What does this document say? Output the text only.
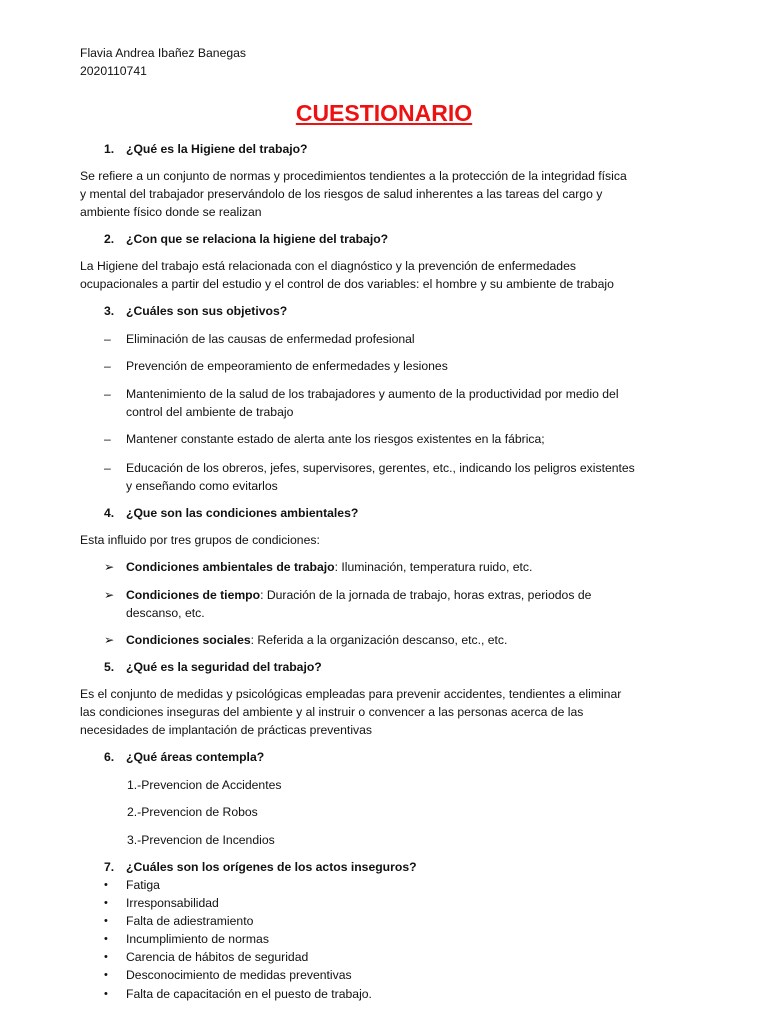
Flavia Andrea Ibañez Banegas
2020110741
CUESTIONARIO
1. ¿Qué es la Higiene del trabajo?
Se refiere a un conjunto de normas y procedimientos tendientes a la protección de la integridad física
y mental del trabajador preservándolo de los riesgos de salud inherentes a las tareas del cargo y
ambiente físico donde se realizan
2. ¿Con que se relaciona la higiene del trabajo?
La Higiene del trabajo está relacionada con el diagnóstico y la prevención de enfermedades
ocupacionales a partir del estudio y el control de dos variables: el hombre y su ambiente de trabajo
3. ¿Cuáles son sus objetivos?
– Eliminación de las causas de enfermedad profesional
– Prevención de empeoramiento de enfermedades y lesiones
– Mantenimiento de la salud de los trabajadores y aumento de la productividad por medio del
control del ambiente de trabajo
– Mantener constante estado de alerta ante los riesgos existentes en la fábrica;
– Educación de los obreros, jefes, supervisores, gerentes, etc., indicando los peligros existentes
y enseñando como evitarlos
4. ¿Que son las condiciones ambientales?
Esta influido por tres grupos de condiciones:
➢ Condiciones ambientales de trabajo: Iluminación, temperatura ruido, etc.
➢ Condiciones de tiempo: Duración de la jornada de trabajo, horas extras, periodos de
descanso, etc.
➢ Condiciones sociales: Referida a la organización descanso, etc., etc.
5. ¿Qué es la seguridad del trabajo?
Es el conjunto de medidas y psicológicas empleadas para prevenir accidentes, tendientes a eliminar
las condiciones inseguras del ambiente y al instruir o convencer a las personas acerca de las
necesidades de implantación de prácticas preventivas
6. ¿Qué áreas contempla?
1.-Prevencion de Accidentes
2.-Prevencion de Robos
3.-Prevencion de Incendios
7. ¿Cuáles son los orígenes de los actos inseguros?
• Fatiga
• Irresponsabilidad
• Falta de adiestramiento
• Incumplimiento de normas
• Carencia de hábitos de seguridad
• Desconocimiento de medidas preventivas
• Falta de capacitación en el puesto de trabajo.
